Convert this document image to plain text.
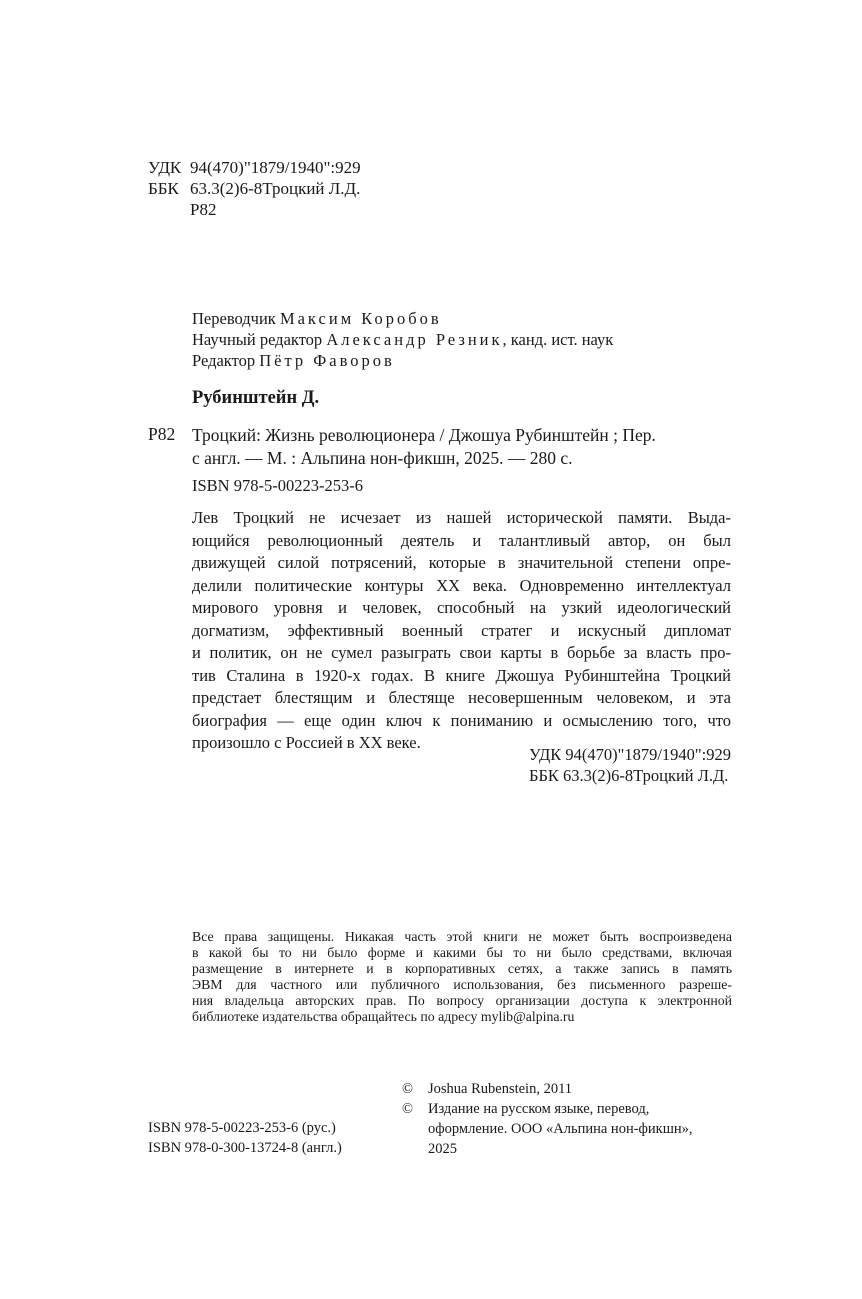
УДК 94(470)"1879/1940":929
ББК 63.3(2)6-8Троцкий Л.Д.
Р82
Переводчик Максим Коробов
Научный редактор Александр Резник, канд. ист. наук
Редактор Пётр Фаворов
Рубинштейн Д.
Р82 Троцкий: Жизнь революционера / Джошуа Рубинштейн ; Пер.
с англ. — М. : Альпина нон-фикшн, 2025. — 280 с.
ISBN 978-5-00223-253-6
Лев Троцкий не исчезает из нашей исторической памяти. Выда-
ющийся революционный деятель и талантливый автор, он был
движущей силой потрясений, которые в значительной степени опре-
делили политические контуры XX века. Одновременно интеллектуал
мирового уровня и человек, способный на узкий идеологический
догматизм, эффективный военный стратег и искусный дипломат
и политик, он не сумел разыграть свои карты в борьбе за власть про-
тив Сталина в 1920-х годах. В книге Джошуа Рубинштейна Троцкий
предстает блестящим и блестяще несовершенным человеком, и эта
биография — еще один ключ к пониманию и осмыслению того, что
произошло с Россией в XX веке.
УДК 94(470)"1879/1940":929
ББК 63.3(2)6-8Троцкий Л.Д.
Все права защищены. Никакая часть этой книги не может быть воспроизведена
в какой бы то ни было форме и какими бы то ни было средствами, включая
размещение в интернете и в корпоративных сетях, а также запись в память
ЭВМ для частного или публичного использования, без письменного разреше-
ния владельца авторских прав. По вопросу организации доступа к электронной
библиотеке издательства обращайтесь по адресу mylib@alpina.ru
© Joshua Rubenstein, 2011
© Издание на русском языке, перевод,
оформление. ООО «Альпина нон-фикшн»,
2025
ISBN 978-5-00223-253-6 (рус.)
ISBN 978-0-300-13724-8 (англ.)
